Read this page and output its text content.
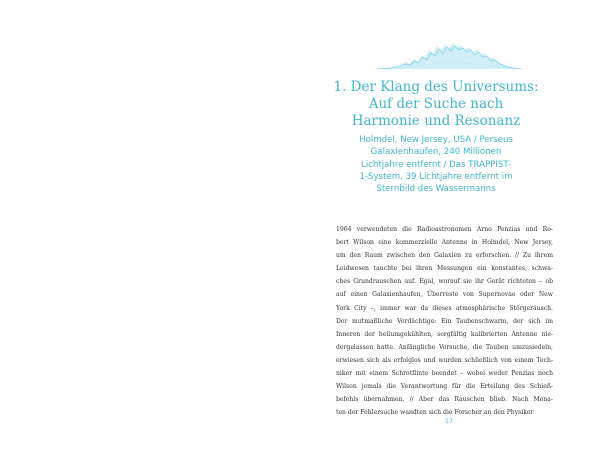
1. Der Klang des Universums:
Auf der Suche nach
Harmonie und Resonanz
Holmdel, New Jersey, USA / Perseus
Galaxienhaufen, 240 Millionen
Lichtjahre entfernt / Das TRAPPIST-
1-System, 39 Lichtjahre entfernt im
Sternbild des Wassermanns
1964 verwendeten die Radioastronomen Arno Penzias und Ro-
bert Wilson eine kommerzielle Antenne in Holmdel, New Jersey,
um den Raum zwischen den Galaxien zu erforschen. // Zu ihrem
Leidwesen tauchte bei ihren Messungen ein konstantes, schwa-
ches Grundrauschen auf. Egal, worauf sie ihr Gerät richteten – ob
auf einen Galaxienhaufen, Überreste von Supernovae oder New
York City –, immer war da dieses atmosphärische Störgeräusch.
Der mutmaßliche Verdächtige: Ein Taubenschwarm, der sich im
Inneren der heliumgekühlten, sorgfältig kalibrierten Antenne nie-
dergelassen hatte. Anfängliche Versuche, die Tauben umzusiedeln,
erwiesen sich als erfolglos und wurden schließlich von einem Tech-
niker mit einem Schrotflinte beendet – wobei weder Penzias noch
Wilson jemals die Verantwortung für die Erteilung des Schieß-
befehls übernahmen. // Aber das Rauschen blieb. Nach Mona-
ten der Fehlersuche wandten sich die Forscher an den Physiker
17
